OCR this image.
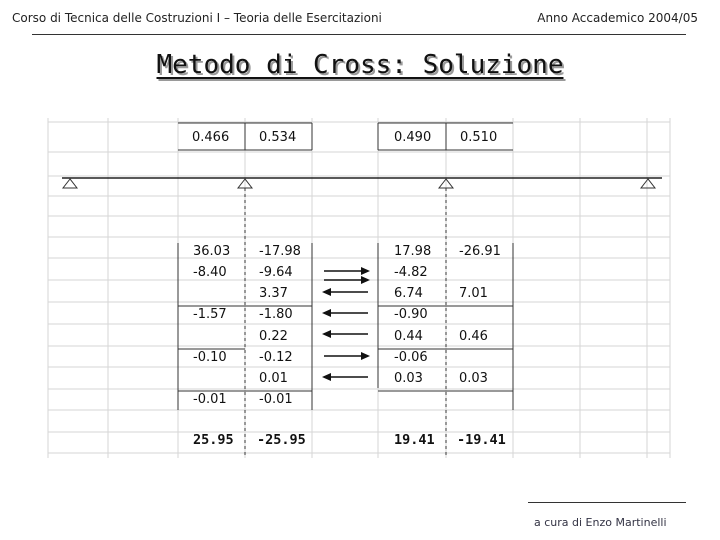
Corso di Tecnica delle Costruzioni I – Teoria delle Esercitazioni	Anno Accademico 2004/05
Metodo di Cross: Soluzione
0.466 0.534	0.490 0.510
36.03
-8.40
-1.57
-0.10
-0.01
25.95
-17.98
-9.64
3.37
-1.80
0.22
-0.12
0.01
-0.01
-25.95
17.98
-4.82
6.74
-0.90
0.44
-0.06
0.03
19.41
-26.91
7.01
0.46
0.03
-19.41
a cura di Enzo Martinelli
